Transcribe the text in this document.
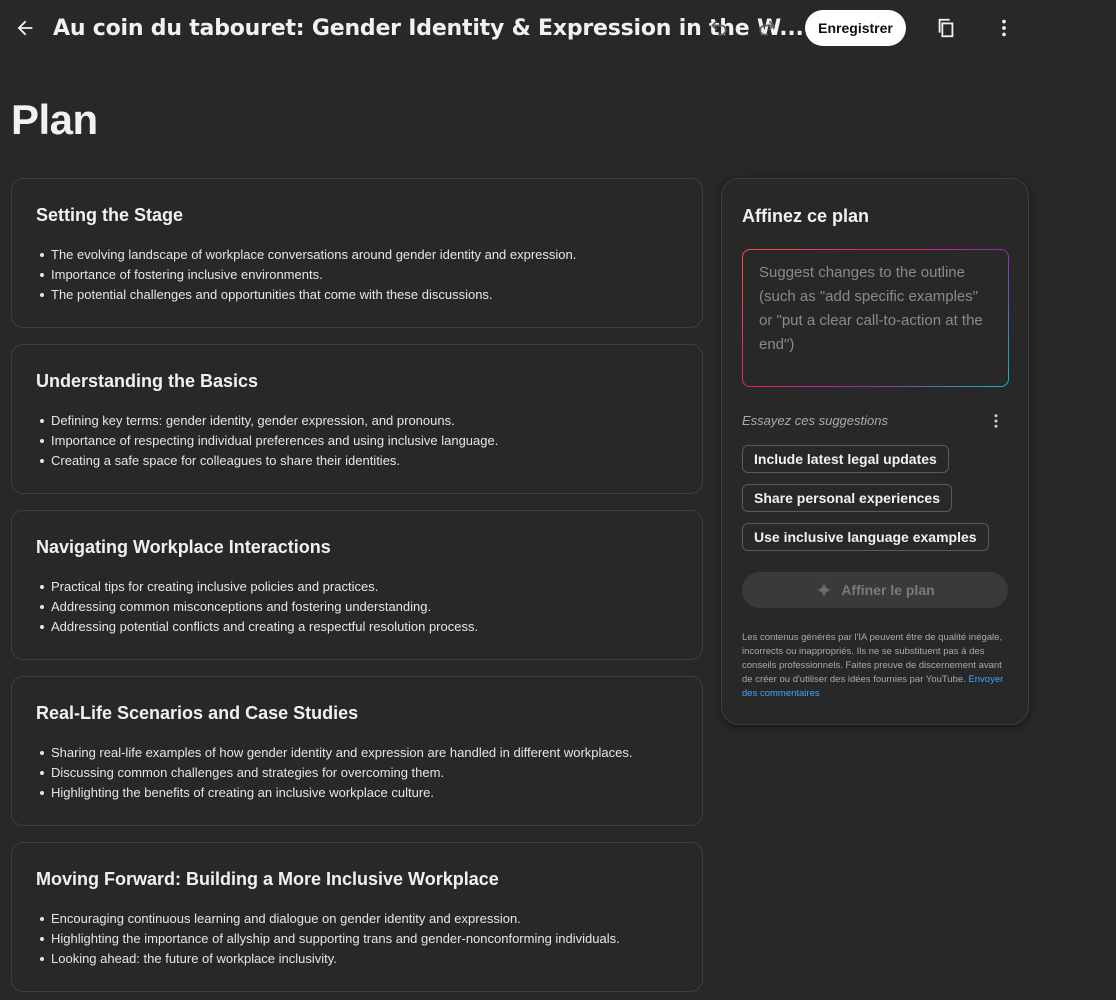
Au coin du tabouret: Gender Identity & Expression in the W...	Enregistrer
Plan
Setting the Stage
The evolving landscape of workplace conversations around gender identity and expression.
Importance of fostering inclusive environments.
The potential challenges and opportunities that come with these discussions.
Understanding the Basics
Defining key terms: gender identity, gender expression, and pronouns.
Importance of respecting individual preferences and using inclusive language.
Creating a safe space for colleagues to share their identities.
Navigating Workplace Interactions
Practical tips for creating inclusive policies and practices.
Addressing common misconceptions and fostering understanding.
Addressing potential conflicts and creating a respectful resolution process.
Real-Life Scenarios and Case Studies
Sharing real-life examples of how gender identity and expression are handled in different workplaces.
Discussing common challenges and strategies for overcoming them.
Highlighting the benefits of creating an inclusive workplace culture.
Moving Forward: Building a More Inclusive Workplace
Encouraging continuous learning and dialogue on gender identity and expression.
Highlighting the importance of allyship and supporting trans and gender-nonconforming individuals.
Looking ahead: the future of workplace inclusivity.
Affinez ce plan
Suggest changes to the outline (such as "add specific examples" or "put a clear call-to-action at the end")
Essayez ces suggestions
Include latest legal updates
Share personal experiences
Use inclusive language examples
Affiner le plan
Les contenus générés par l'IA peuvent être de qualité inégale, incorrects ou inappropriés. Ils ne se substituent pas à des conseils professionnels. Faites preuve de discernement avant de créer ou d'utiliser des idées fournies par YouTube. Envoyer des commentaires
